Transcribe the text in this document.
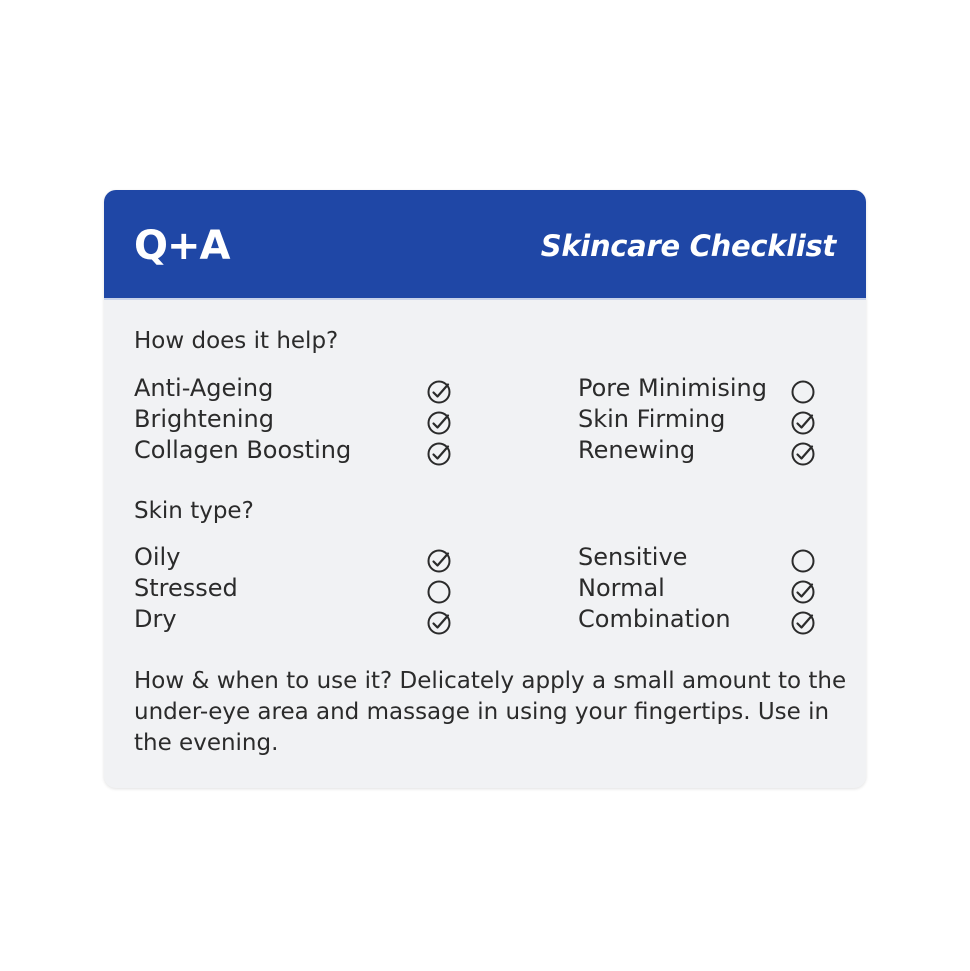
Q+A	Skincare Checklist
How does it help?
Anti-Ageing
Brightening
Collagen Boosting
Pore Minimising
Skin Firming
Renewing
Skin type?
Oily
Stressed
Dry
Sensitive
Normal
Combination
How & when to use it? Delicately apply a small amount to the under-eye area and massage in using your fingertips. Use in the evening.
